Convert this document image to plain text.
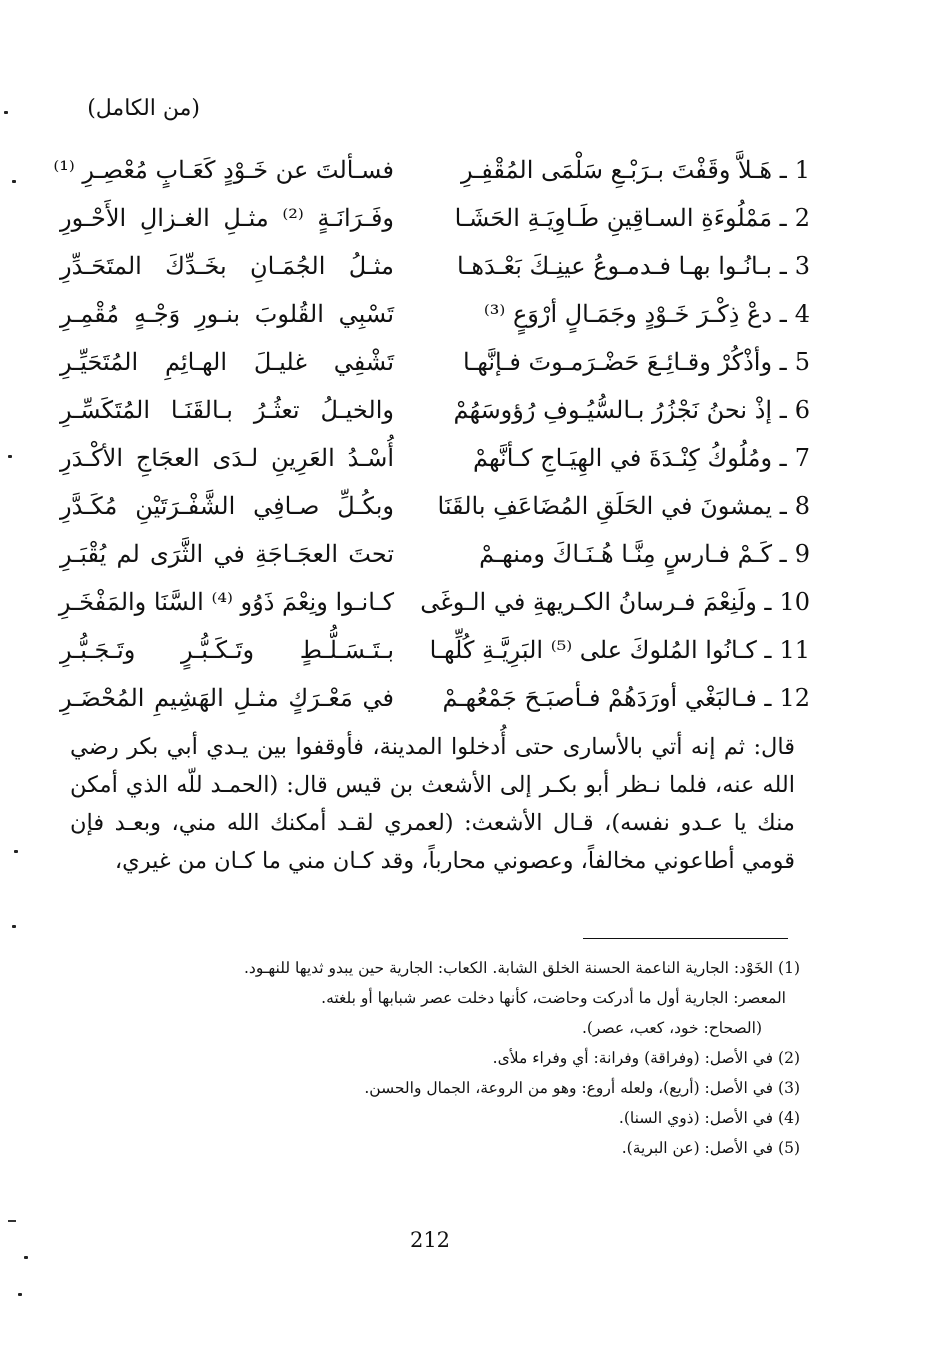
(من الكامل)
1ـ هَـلاَّ وقَفْتَ بـرَبْـعِ سَلْمَى المُقْفِـرِ
فسـألتَ عن خَـوْدٍ كَعَـابٍ مُعْصِـرِ ⁽¹⁾
2ـ مَمْلُوءَةِ السـاقِينِ طَـاوِيَـةِ الحَشَـا
وفَـرَانَـةٍ ⁽²⁾ مثـلِ الغـزالِ الأَحْـورِ
3ـ بـانُـوا بهـا فـدمـوعُ عينِـكَ بَعْـدَهـا
مثـلُ الجُمَـانِ بخَـدِّكَ المتَحَـدِّرِ
4ـ دعْ ذِكْـرَ خَـوْدٍ وجَمَـالٍ أرْوَعٍ ⁽³⁾
تَسْبِي القُلوبَ بنـورِ وَجْـهٍ مُقْمِـرِ
5ـ وأذْكُرْ وقـائِـعَ حَضْـرَمـوتَ فـإنَّهـا
تَشْفِي غليـلَ الهـائِمِ المُتَحَيِّـرِ
6ـ إذْ نحنُ نَجْزُرُ بـالسُّيُـوفِ رُؤوسَهُمْ
والخيـلُ تعثُـرُ بـالقَنَـا المُتَكَسِّـرِ
7ـ ومُلُوكُ كِنْـدَةَ في الهِيَـاجِ كـأنَّهمْ
أُسْـدُ العَرِينِ لـدَى العجَاجِ الأكْـدَرِ
8ـ يمشونَ في الحَلَقِ المُضَاعَفِ بالقَنَا
وبكُـلِّ صـافِي الشَّفْـرَتَيْنِ مُكَـدَّرِ
9ـ كَـمْ فـارسٍ مِنَّـا هُـنَـاكَ ومنهـمْ
تحتَ العجَـاجَةِ في الثَّرَى لم يُقْبَـرِ
10ـ ولَنِعْمَ فـرسانُ الكـريهةِ في الـوغَى
كـانـوا ونِعْمَ ذَوُو ⁽⁴⁾ السَّنَا والمَفْخَـرِ
11ـ كـانُوا المُلوكَ على ⁽⁵⁾ البَرِيَّـةِ كُلِّهـا
بـتَـسَـلُّـطٍ وتَـكَـبُّـرٍ وتَـجَـبُّـرِ
12ـ فـالبَغْي أورَدَهُمْ فـأصبَـحَ جَمْعُهـمْ
في مَعْـرَكٍ مثـلِ الهَشِيمِ المُحْضَـرِ

قال: ثم إنه أتي بالأسارى حتى أُدخلوا المدينة، فأوقفوا بين يـدي أبي بكر رضي الله عنه، فلما نـظر أبو بكـر إلى الأشعث بن قيس قال: (الحمـد للّه الذي أمكن منك يا عـدو نفسه)، قـال الأشعث: (لعمري لقـد أمكنك الله مني، وبعـد فإن قومي أطاعوني مخالفاً، وعصوني محارباً، وقد كـان مني ما كـان من غيري،

(1) الخَوْد: الجارية الناعمة الحسنة الخلق الشابة. الكعاب: الجارية حين يبدو ثديها للنهـود.
المعصر: الجارية أول ما أدركت وحاضت، كأنها دخلت عصر شبابها أو بلغته.
(الصحاح: خود، كعب، عصر).
(2) في الأصل: (وفراقة) وفرانة: أي وفراء ملأى.
(3) في الأصل: (أريع)، ولعله أروع: وهو من الروعة، الجمال والحسن.
(4) في الأصل: (ذوي السنا).
(5) في الأصل: (عن البرية).
212
